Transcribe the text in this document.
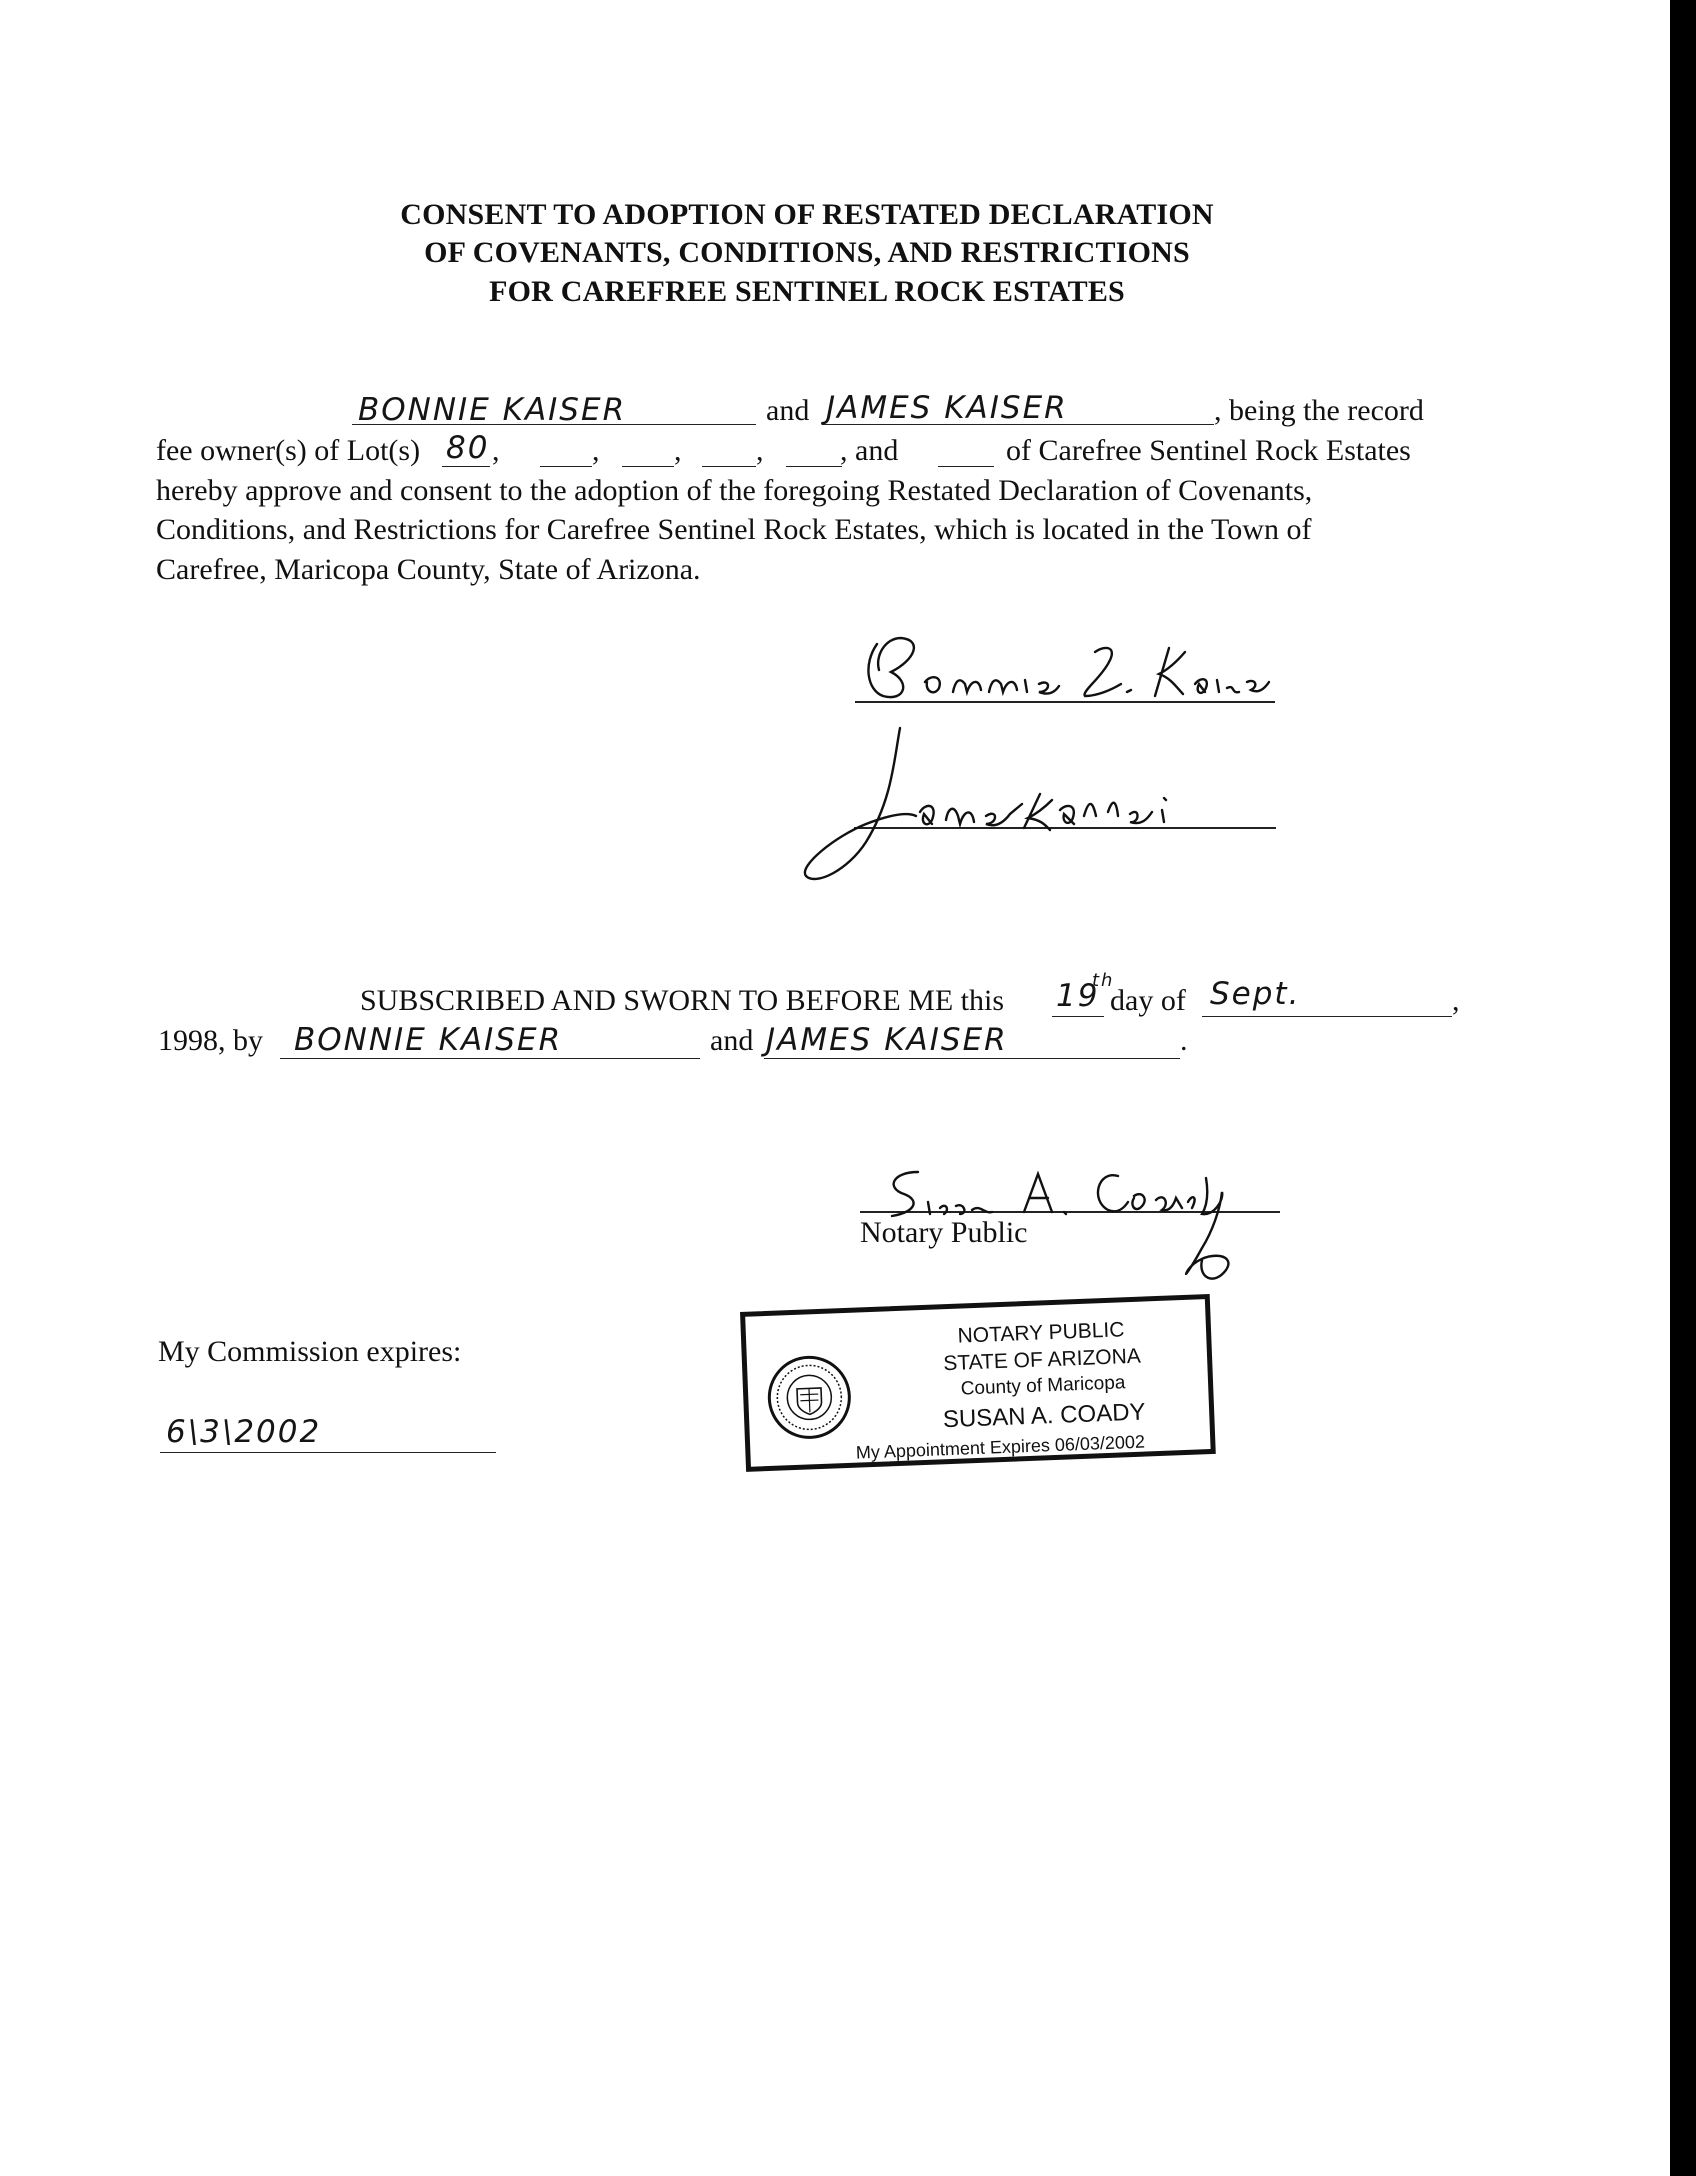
CONSENT TO ADOPTION OF RESTATED DECLARATION
OF COVENANTS, CONDITIONS, AND RESTRICTIONS
FOR CAREFREE SENTINEL ROCK ESTATES
BONNIE KAISER	and JAMES KAISER	, being the record
fee owner(s) of Lot(s) 80 ,	, , ,	, and	of Carefree Sentinel Rock Estates
hereby approve and consent to the adoption of the foregoing Restated Declaration of Covenants,
Conditions, and Restrictions for Carefree Sentinel Rock Estates, which is located in the Town of
Carefree, Maricopa County, State of Arizona.
SUBSCRIBED AND SWORN TO BEFORE ME this 19
th
day of Sept.	,
1998, by BONNIE KAISER	and JAMES KAISER	.
Notary Public
My Commission expires:
6\3\2002
NOTARY PUBLIC
STATE OF ARIZONA
County of Maricopa
SUSAN A. COADY
My Appointment Expires 06/03/2002
